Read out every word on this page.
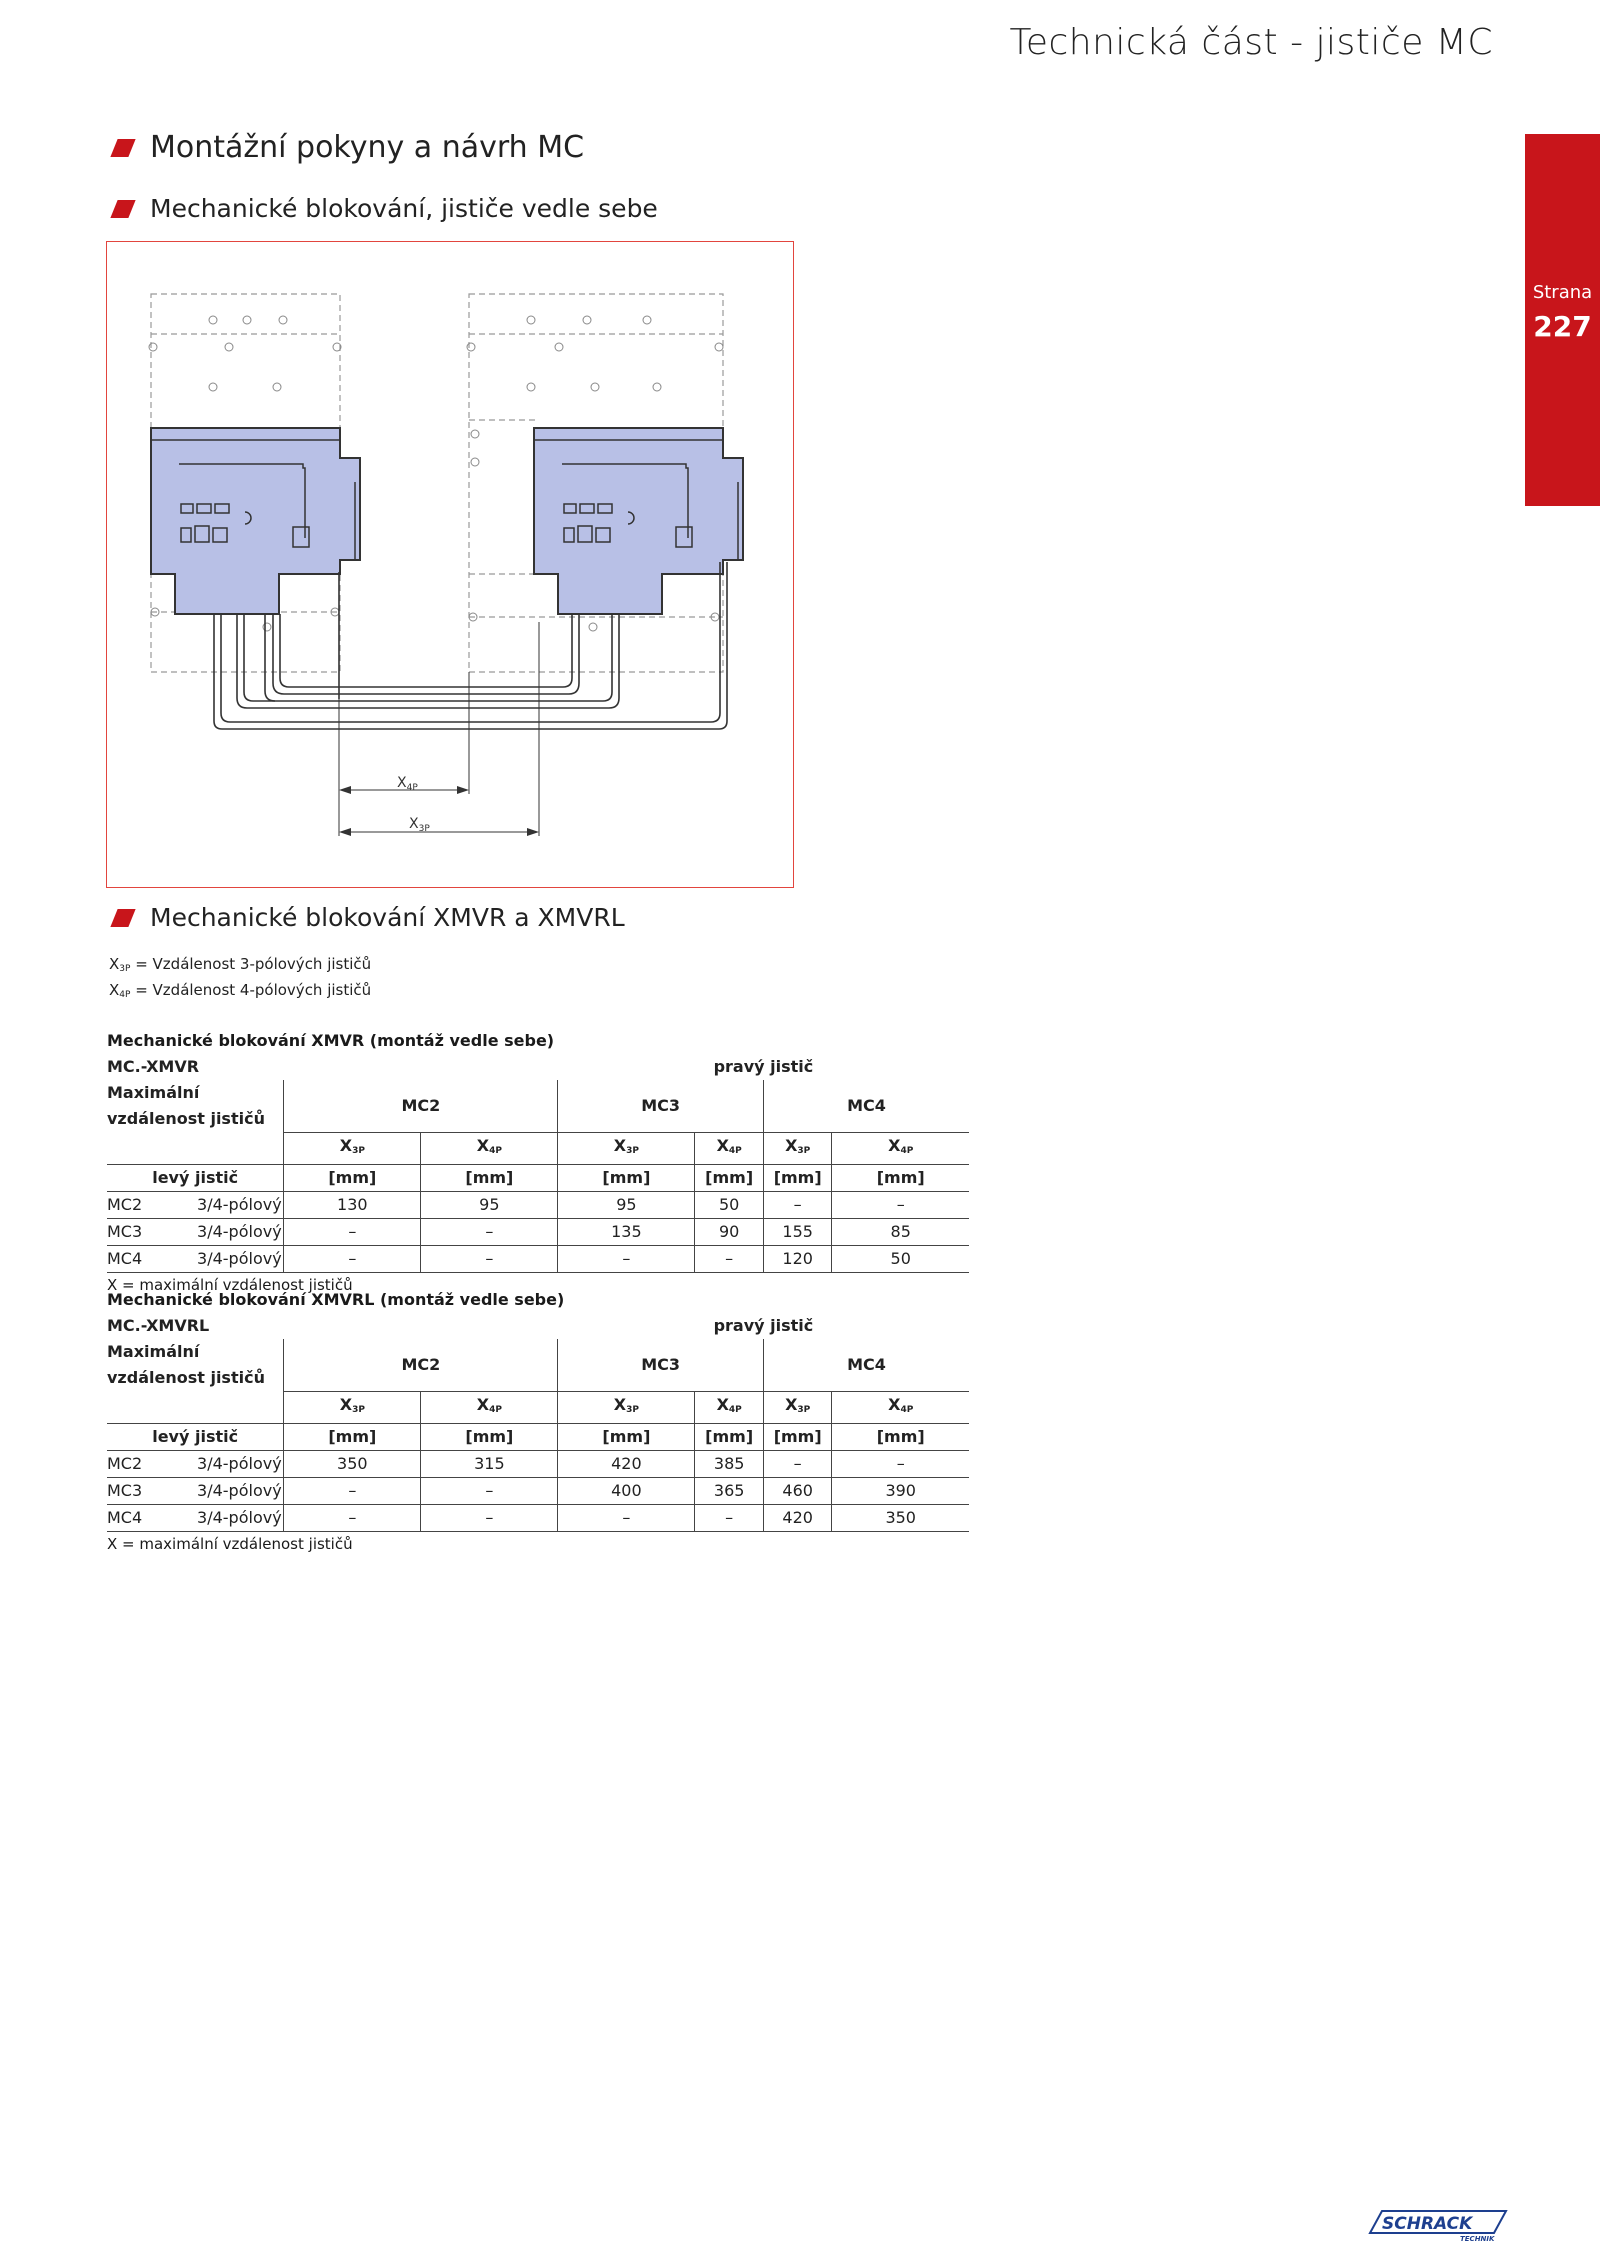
Technická část - jističe MC
Strana
227
Montážní pokyny a návrh MC
Mechanické blokování, jističe vedle sebe
$X_{4P}$
$X_{3P}$
Mechanické blokování XMVR a XMVRL
$X_{3P}$ = Vzdálenost 3-pólových jističů
$X_{4P}$ = Vzdálenost 4-pólových jističů
Mechanické blokování XMVR (montáž vedle sebe)
MC.-XMVR					pravý jistič		
Maximální vzdálenost jističů		MC2		MC3		MC4	
		$X_{3P}$	$X_{4P}$	$X_{3P}$	$X_{4P}$	$X_{3P}$	$X_{4P}$
levý jistič		[mm]	[mm]	[mm]	[mm]	[mm]	[mm]
MC2	3/4-pólový	130	95	95	50	–	–
MC3	3/4-pólový	–	–	135	90	155	85
MC4	3/4-pólový	–	–	–	–	120	50
X = maximální vzdálenost jističů
Mechanické blokování XMVRL (montáž vedle sebe)
MC.-XMVRL					pravý jistič		
Maximální vzdálenost jističů		MC2		MC3		MC4	
		$X_{3P}$	$X_{4P}$	$X_{3P}$	$X_{4P}$	$X_{3P}$	$X_{4P}$
levý jistič		[mm]	[mm]	[mm]	[mm]	[mm]	[mm]
MC2	3/4-pólový	350	315	420	385	–	–
MC3	3/4-pólový	–	–	400	365	460	390
MC4	3/4-pólový	–	–	–	–	420	350
X = maximální vzdálenost jističů
SCHRACK
TECHNIK
